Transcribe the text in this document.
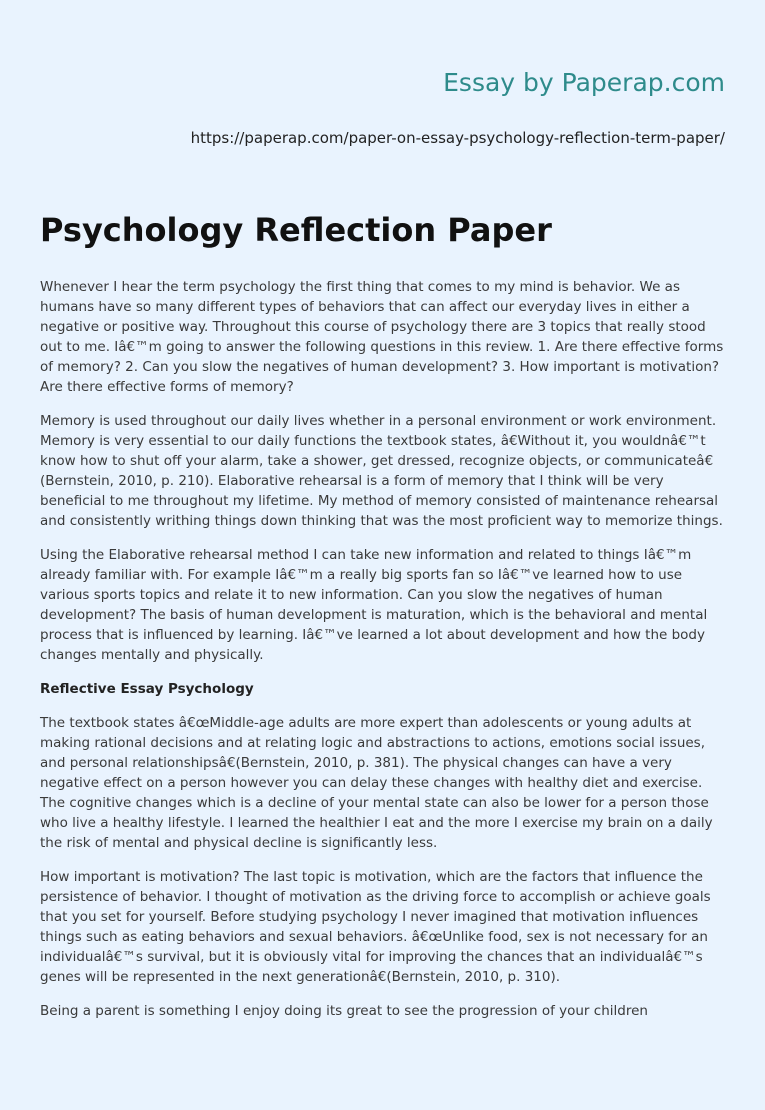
Essay by Paperap.com
https://paperap.com/paper-on-essay-psychology-reflection-term-paper/
Psychology Reflection Paper

Whenever I hear the term psychology the first thing that comes to my mind is behavior. We as humans have so many different types of behaviors that can affect our everyday lives in either a negative or positive way. Throughout this course of psychology there are 3 topics that really stood out to me. Iâ€™m going to answer the following questions in this review. 1. Are there effective forms of memory? 2. Can you slow the negatives of human development? 3. How important is motivation? Are there effective forms of memory?

Memory is used throughout our daily lives whether in a personal environment or work environment. Memory is very essential to our daily functions the textbook states, â€Without it, you wouldnâ€™t know how to shut off your alarm, take a shower, get dressed, recognize objects, or communicateâ€(Bernstein, 2010, p. 210). Elaborative rehearsal is a form of memory that I think will be very beneficial to me throughout my lifetime. My method of memory consisted of maintenance rehearsal and consistently writhing things down thinking that was the most proficient way to memorize things.

Using the Elaborative rehearsal method I can take new information and related to things Iâ€™m already familiar with. For example Iâ€™m a really big sports fan so Iâ€™ve learned how to use various sports topics and relate it to new information. Can you slow the negatives of human development? The basis of human development is maturation, which is the behavioral and mental process that is influenced by learning. Iâ€™ve learned a lot about development and how the body changes mentally and physically.

Reflective Essay Psychology

The textbook states â€œMiddle-age adults are more expert than adolescents or young adults at making rational decisions and at relating logic and abstractions to actions, emotions social issues, and personal relationshipsâ€(Bernstein, 2010, p. 381). The physical changes can have a very negative effect on a person however you can delay these changes with healthy diet and exercise. The cognitive changes which is a decline of your mental state can also be lower for a person those who live a healthy lifestyle. I learned the healthier I eat and the more I exercise my brain on a daily the risk of mental and physical decline is significantly less.

How important is motivation? The last topic is motivation, which are the factors that influence the persistence of behavior. I thought of motivation as the driving force to accomplish or achieve goals that you set for yourself. Before studying psychology I never imagined that motivation influences things such as eating behaviors and sexual behaviors. â€œUnlike food, sex is not necessary for an individualâ€™s survival, but it is obviously vital for improving the chances that an individualâ€™s genes will be represented in the next generationâ€(Bernstein, 2010, p. 310).

Being a parent is something I enjoy doing its great to see the progression of your children
